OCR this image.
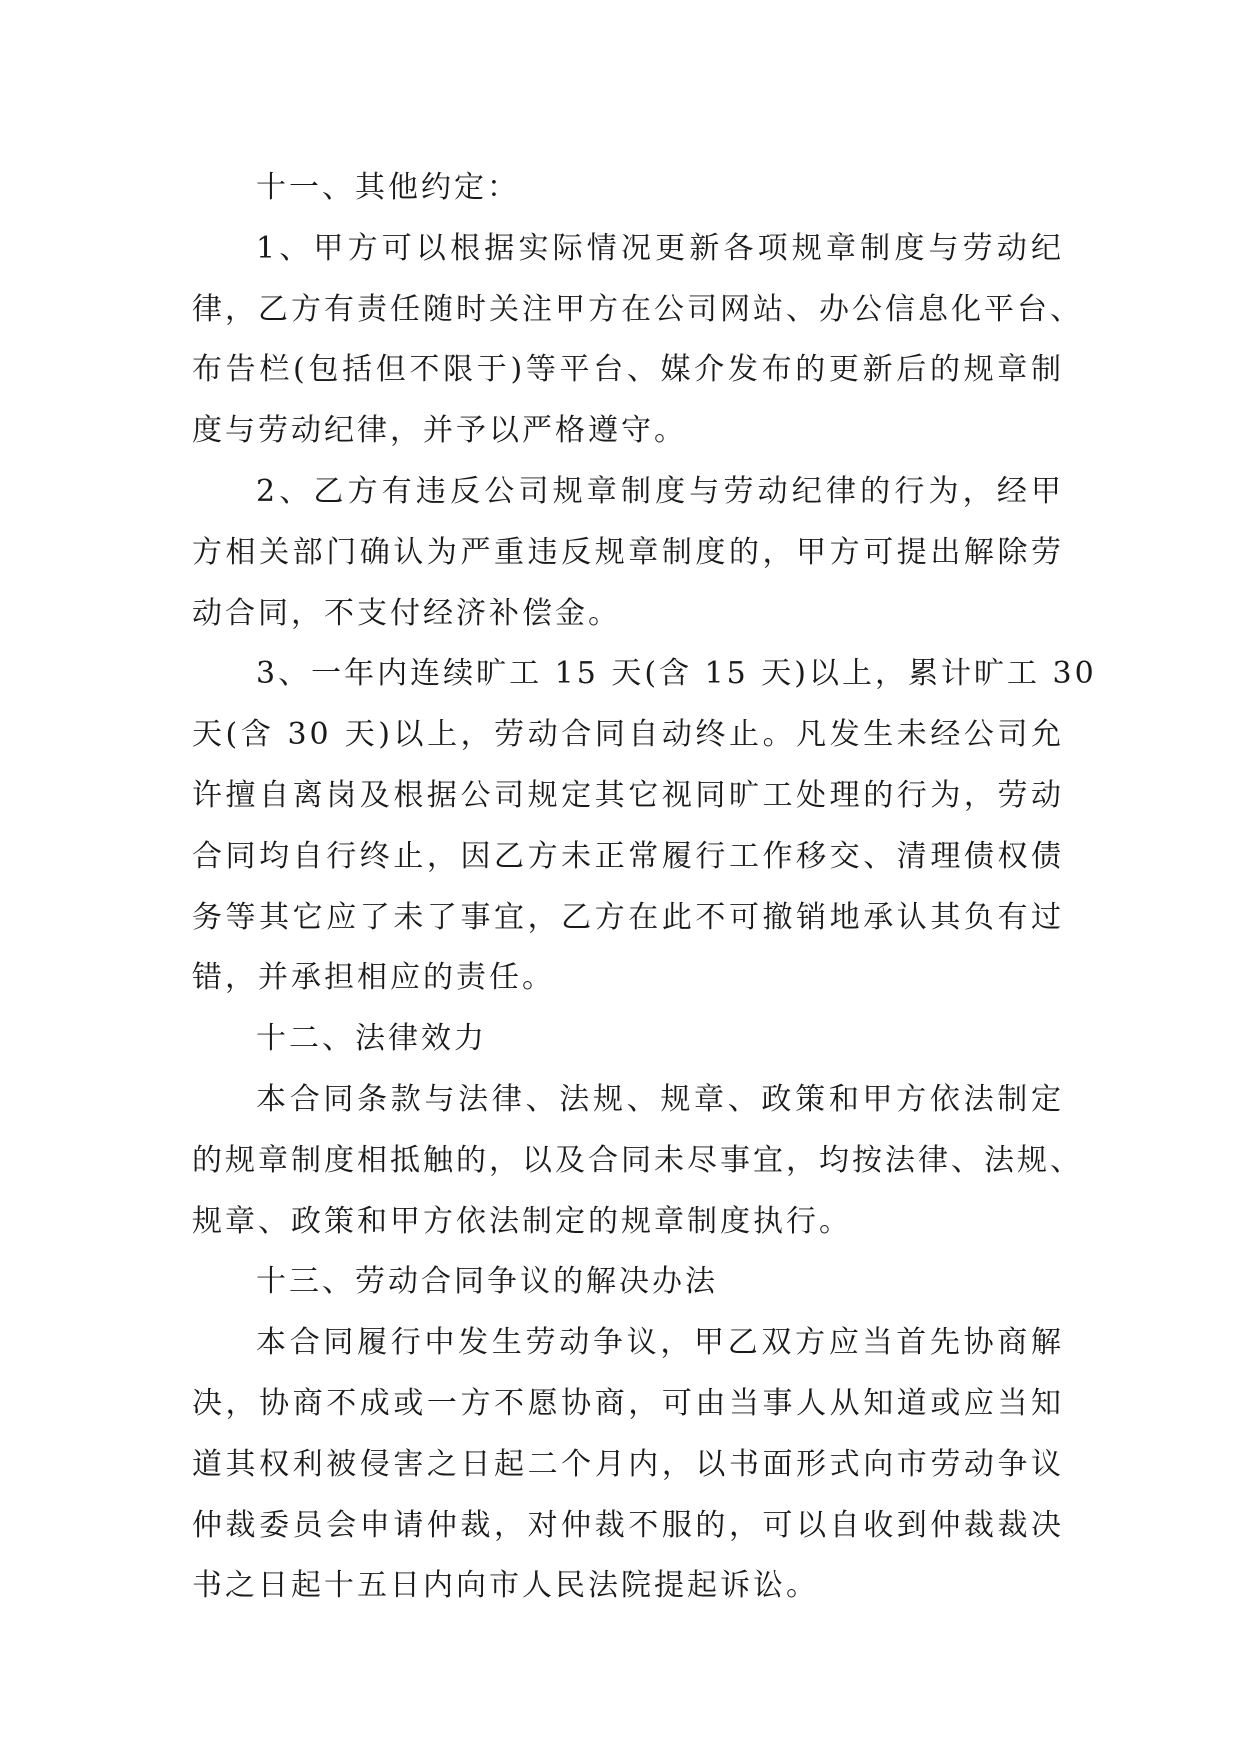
十一、其他约定：

1、甲方可以根据实际情况更新各项规章制度与劳动纪
律，乙方有责任随时关注甲方在公司网站、办公信息化平台、
布告栏(包括但不限于)等平台、媒介发布的更新后的规章制
度与劳动纪律，并予以严格遵守。

2、乙方有违反公司规章制度与劳动纪律的行为，经甲
方相关部门确认为严重违反规章制度的，甲方可提出解除劳
动合同，不支付经济补偿金。

3、一年内连续旷工 15 天(含 15 天)以上，累计旷工 30
天(含 30 天)以上，劳动合同自动终止。凡发生未经公司允
许擅自离岗及根据公司规定其它视同旷工处理的行为，劳动
合同均自行终止，因乙方未正常履行工作移交、清理债权债
务等其它应了未了事宜，乙方在此不可撤销地承认其负有过
错，并承担相应的责任。

十二、法律效力

本合同条款与法律、法规、规章、政策和甲方依法制定
的规章制度相抵触的，以及合同未尽事宜，均按法律、法规、
规章、政策和甲方依法制定的规章制度执行。

十三、劳动合同争议的解决办法

本合同履行中发生劳动争议，甲乙双方应当首先协商解
决，协商不成或一方不愿协商，可由当事人从知道或应当知
道其权利被侵害之日起二个月内，以书面形式向市劳动争议
仲裁委员会申请仲裁，对仲裁不服的，可以自收到仲裁裁决
书之日起十五日内向市人民法院提起诉讼。
